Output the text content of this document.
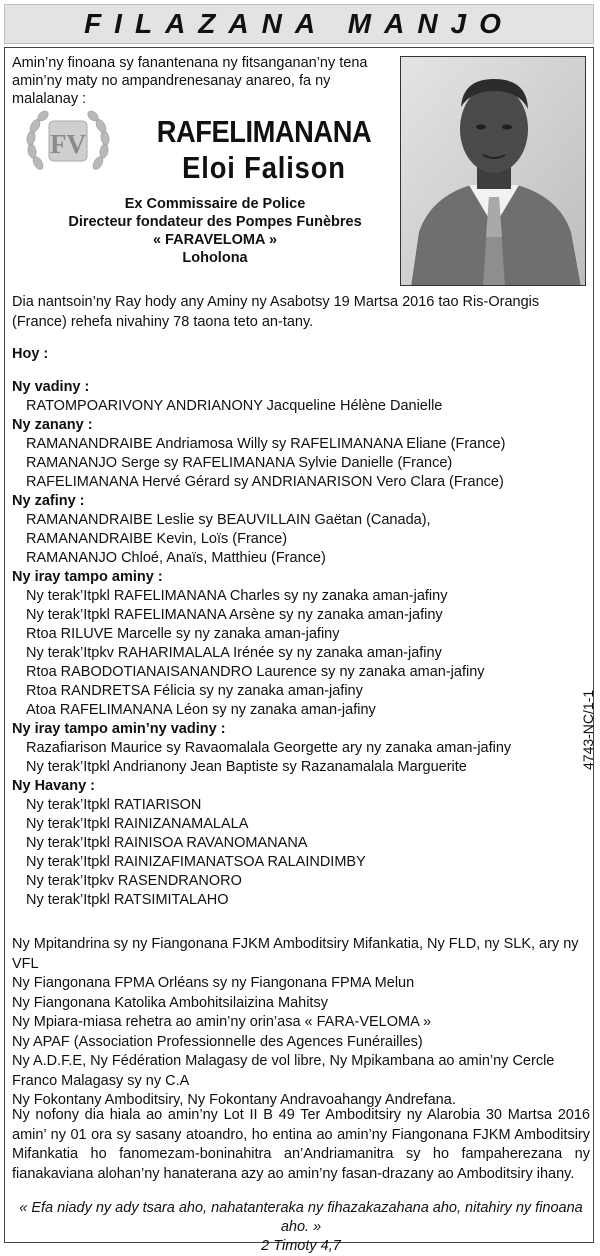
FILAZANA MANJO
Amin’ny finoana sy fanantenana ny fitsanganan’ny tena amin’ny maty no ampandrenesanay anareo, fa ny malalanay :
FV	RAFELIMANANA
Eloi Falison
Ex Commissaire de Police
Directeur fondateur des Pompes Funèbres
« FARAVELOMA »
Loholona
Dia nantsoin’ny Ray hody any Aminy ny Asabotsy 19 Martsa 2016 tao Ris-Orangis (France) rehefa nivahiny 78 taona teto an-tany.
Hoy :
Ny vadiny :
RATOMPOARIVONY ANDRIANONY Jacqueline Hélène Danielle
Ny zanany :
RAMANANDRAIBE Andriamosa Willy sy RAFELIMANANA Eliane (France)
RAMANANJO Serge sy RAFELIMANANA Sylvie Danielle (France)
RAFELIMANANA Hervé Gérard sy ANDRIANARISON Vero Clara (France)
Ny zafiny :
RAMANANDRAIBE Leslie sy BEAUVILLAIN Gaëtan (Canada),
RAMANANDRAIBE Kevin, Loïs (France)
RAMANANJO Chloé, Anaïs, Matthieu (France)
Ny iray tampo aminy :
Ny terak’Itpkl RAFELIMANANA Charles sy ny zanaka aman-jafiny
Ny terak’Itpkl RAFELIMANANA Arsène sy ny zanaka aman-jafiny
Rtoa RILUVE Marcelle sy ny zanaka aman-jafiny
Ny terak’Itpkv RAHARIMALALA Irénée sy ny zanaka aman-jafiny
Rtoa RABODOTIANAISANANDRO Laurence sy ny zanaka aman-jafiny
Rtoa RANDRETSA Félicia sy ny zanaka aman-jafiny
Atoa RAFELIMANANA Léon sy ny zanaka aman-jafiny
Ny iray tampo amin’ny vadiny :
Razafiarison Maurice sy Ravaomalala Georgette ary ny zanaka aman-jafiny
Ny terak’Itpkl Andrianony Jean Baptiste sy Razanamalala Marguerite
Ny Havany :
Ny terak’Itpkl RATIARISON
Ny terak’Itpkl RAINIZANAMALALA
Ny terak’Itpkl RAINISOA RAVANOMANANA
Ny terak’Itpkl RAINIZAFIMANATSOA RALAINDIMBY
Ny terak’Itpkv RASENDRANORO
Ny terak’Itpkl RATSIMITALAHO
Ny Mpitandrina sy ny Fiangonana FJKM Amboditsiry Mifankatia, Ny FLD, ny SLK, ary ny VFL
Ny Fiangonana FPMA Orléans sy ny Fiangonana FPMA Melun
Ny Fiangonana Katolika Ambohitsilaizina Mahitsy
Ny Mpiara-miasa rehetra ao amin’ny orin’asa « FARA-VELOMA »
Ny APAF (Association Professionnelle des Agences Funérailles)
Ny A.D.F.E, Ny Fédération Malagasy de vol libre, Ny Mpikambana ao amin’ny Cercle Franco Malagasy sy ny C.A
Ny Fokontany Amboditsiry, Ny Fokontany Andravoahangy Andrefana.
Ny nofony dia hiala ao amin’ny Lot II B 49 Ter Amboditsiry ny Alarobia 30 Martsa 2016 amin’ ny 01 ora sy sasany atoandro, ho entina ao amin’ny Fiangonana FJKM Amboditsiry Mifankatia ho fanomezam-boninahitra an’Andriamanitra sy ho fampaherezana ny fianakaviana alohan’ny hanaterana azy ao amin’ny fasan-drazany ao Amboditsiry ihany.
« Efa niady ny ady tsara aho, nahatanteraka ny fihazakazahana aho, nitahiry ny finoana aho. »
2 Timoty 4,7
4743-NC/1-1
